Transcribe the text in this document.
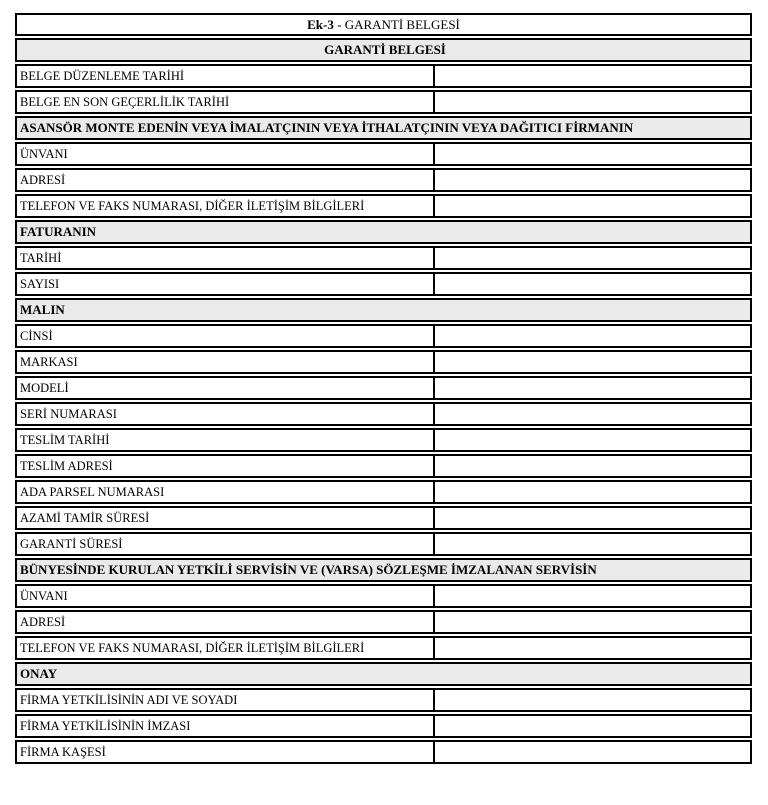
Ek-3 - GARANTİ BELGESİ
GARANTİ BELGESİ
BELGE DÜZENLEME TARİHİ
BELGE EN SON GEÇERLİLİK TARİHİ
ASANSÖR MONTE EDENİN VEYA İMALATÇININ VEYA İTHALATÇININ VEYA DAĞITICI FİRMANIN
ÜNVANI
ADRESİ
TELEFON VE FAKS NUMARASI, DİĞER İLETİŞİM BİLGİLERİ
FATURANIN
TARİHİ
SAYISI
MALIN
CİNSİ
MARKASI
MODELİ
SERİ NUMARASI
TESLİM TARİHİ
TESLİM ADRESİ
ADA PARSEL NUMARASI
AZAMİ TAMİR SÜRESİ
GARANTİ SÜRESİ
BÜNYESİNDE KURULAN YETKİLİ SERVİSİN VE (VARSA) SÖZLEŞME İMZALANAN SERVİSİN
ÜNVANI
ADRESİ
TELEFON VE FAKS NUMARASI, DİĞER İLETİŞİM BİLGİLERİ
ONAY
FİRMA YETKİLİSİNİN ADI VE SOYADI
FİRMA YETKİLİSİNİN İMZASI
FİRMA KAŞESİ
